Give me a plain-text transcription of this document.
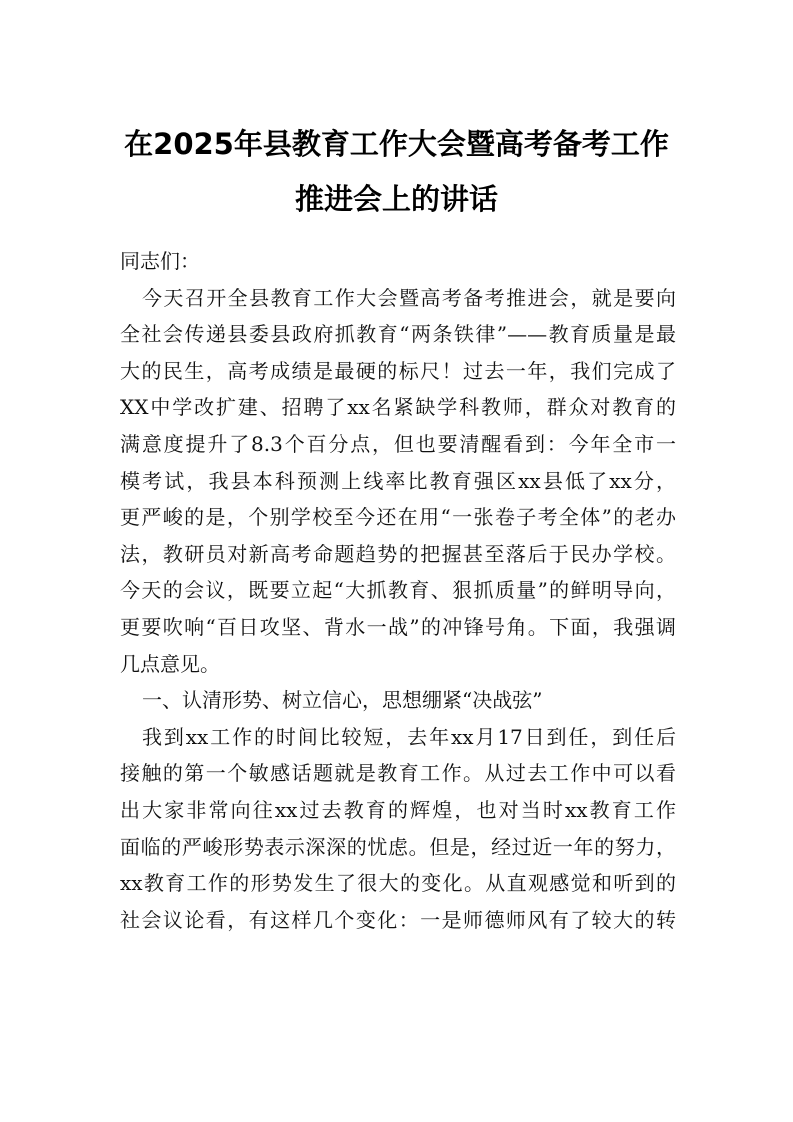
在2025年县教育工作大会暨高考备考工作
推进会上的讲话

同志们：

今天召开全县教育工作大会暨高考备考推进会，就是要向

全社会传递县委县政府抓教育“两条铁律”——教育质量是最

大的民生，高考成绩是最硬的标尺！过去一年，我们完成了

XX中学改扩建、招聘了xx名紧缺学科教师，群众对教育的

满意度提升了8.3个百分点，但也要清醒看到：今年全市一

模考试，我县本科预测上线率比教育强区xx县低了xx分，

更严峻的是，个别学校至今还在用“一张卷子考全体”的老办

法，教研员对新高考命题趋势的把握甚至落后于民办学校。

今天的会议，既要立起“大抓教育、狠抓质量”的鲜明导向，

更要吹响“百日攻坚、背水一战”的冲锋号角。下面，我强调

几点意见。

一、认清形势、树立信心，思想绷紧“决战弦”

我到xx工作的时间比较短，去年xx月17日到任，到任后

接触的第一个敏感话题就是教育工作。从过去工作中可以看

出大家非常向往xx过去教育的辉煌，也对当时xx教育工作

面临的严峻形势表示深深的忧虑。但是，经过近一年的努力，

xx教育工作的形势发生了很大的变化。从直观感觉和听到的

社会议论看，有这样几个变化：一是师德师风有了较大的转
